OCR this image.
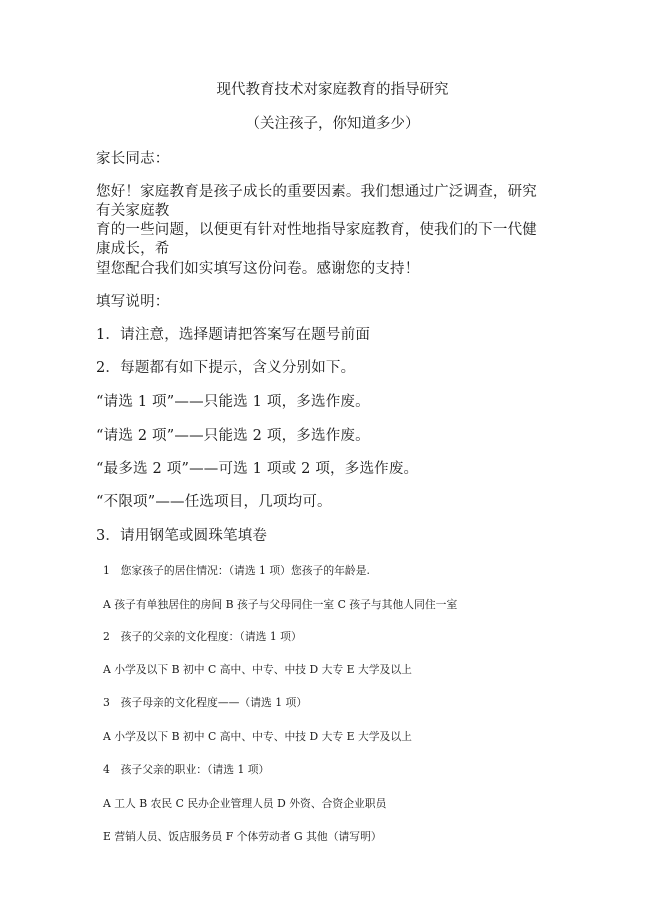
现代教育技术对家庭教育的指导研究

（关注孩子，你知道多少）

家长同志：

您好！家庭教育是孩子成长的重要因素。我们想通过广泛调查，研究

有关家庭教

育的一些问题，以便更有针对性地指导家庭教育，使我们的下一代健

康成长，希

望您配合我们如实填写这份问卷。感谢您的支持！

填写说明：

1．请注意，选择题请把答案写在题号前面

2．每题都有如下提示，含义分别如下。

“请选 1 项”——只能选 1 项，多选作废。

“请选 2 项”——只能选 2 项，多选作废。

“最多选 2 项”——可选 1 项或 2 项，多选作废。

“不限项”——任选项目，几项均可。

3．请用钢笔或圆珠笔填卷

1　您家孩子的居住情况：（请选 1 项）您孩子的年龄是.

A 孩子有单独居住的房间 B 孩子与父母同住一室 C 孩子与其他人同住一室

2　孩子的父亲的文化程度：（请选 1 项）

A 小学及以下 B 初中 C 高中、中专、中技 D 大专 E 大学及以上

3　孩子母亲的文化程度——（请选 1 项）

A 小学及以下 B 初中 C 高中、中专、中技 D 大专 E 大学及以上

4　孩子父亲的职业：（请选 1 项）

A 工人 B 农民 C 民办企业管理人员 D 外资、合资企业职员

E 营销人员、饭店服务员 F 个体劳动者 G 其他（请写明）
